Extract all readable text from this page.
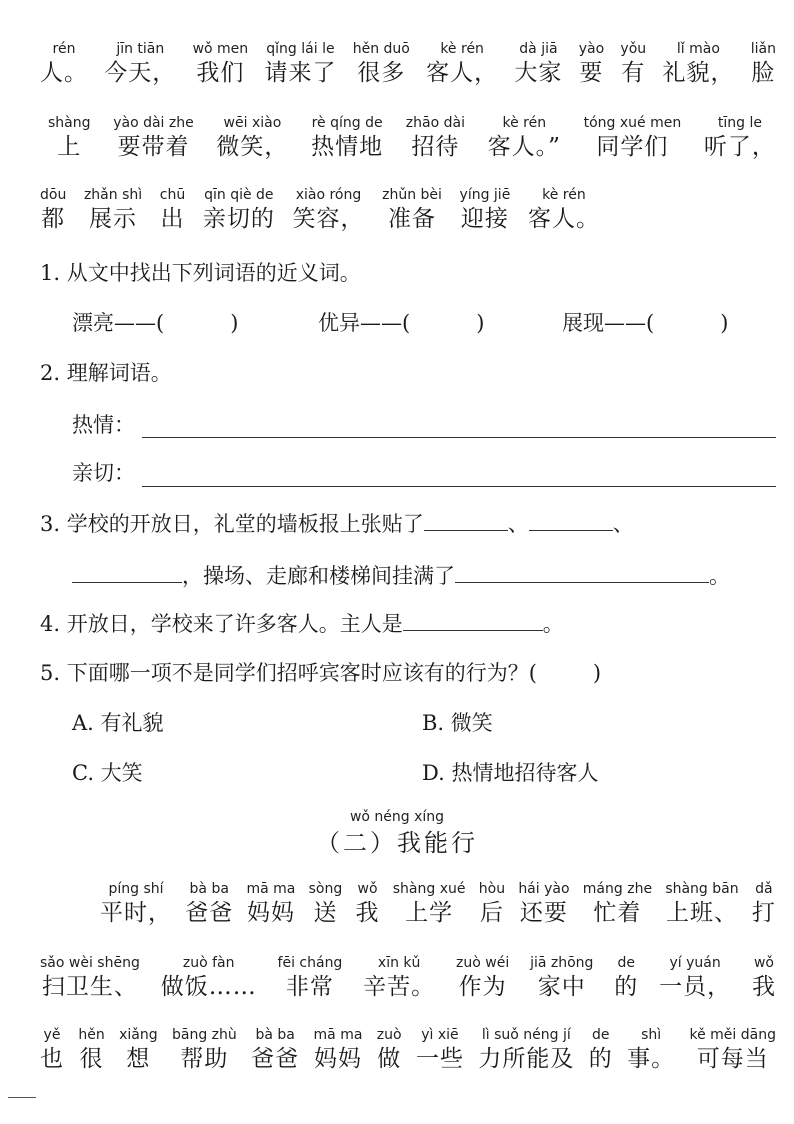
rén
人。
jīn tiān
今天，
wǒ men
我们
qǐng lái le
请来了
hěn duō
很多
kè rén
客人，
dà jiā
大家
yào
要
yǒu
有
lǐ mào
礼貌，
liǎn
脸
shàng
上
yào dài zhe
要带着
wēi xiào
微笑，
rè qíng de
热情地
zhāo dài
招待
kè rén
客人。”
tóng xué men
同学们
tīng le
听了，
dōu
都
zhǎn shì
展示
chū
出
qīn qiè de
亲切的
xiào róng
笑容，
zhǔn bèi
准备
yíng jiē
迎接
kè rén
客人。
1. 从文中找出下列词语的近义词。
漂亮——(	)	优异——(	)	展现——(	)
2. 理解词语。
热情：
亲切：
3. 学校的开放日，礼堂的墙板报上张贴了	、	、
，操场、走廊和楼梯间挂满了	。
4. 开放日，学校来了许多客人。主人是	。
5. 下面哪一项不是同学们招呼宾客时应该有的行为？(	)
A. 有礼貌	B. 微笑
C. 大笑	D. 热情地招待客人
wǒ néng xíng
（二）我能行
píng shí
平时，
bà ba
爸爸
mā ma
妈妈
sòng
送
wǒ
我
shàng xué
上学
hòu
后
hái yào
还要
máng zhe
忙着
shàng bān
上班、
dǎ
打
sǎo wèi shēng
扫卫生、
zuò fàn
做饭……
fēi cháng
非常
xīn kǔ
辛苦。
zuò wéi
作为
jiā zhōng
家中
de
的
yí yuán
一员，
wǒ
我
yě
也
hěn
很
xiǎng
想
bāng zhù
帮助
bà ba
爸爸
mā ma
妈妈
zuò
做
yì xiē
一些
lì suǒ néng jí
力所能及
de
的
shì
事。
kě měi dāng
可每当
